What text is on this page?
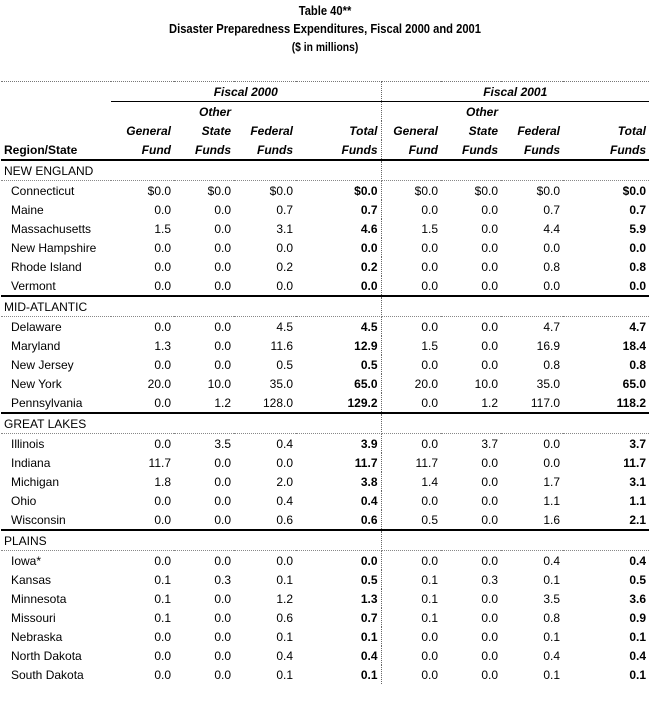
Table 40**
Disaster Preparedness Expenditures, Fiscal 2000 and 2001
($ in millions)
	Fiscal 2000				Fiscal 2001			
		Other				Other		
	General	State	Federal	Total	General	State	Federal	Total
Region/State	Fund	Funds	Funds	Funds	Fund	Funds	Funds	Funds
NEW ENGLAND								
Connecticut	$0.0	$0.0	$0.0	$0.0	$0.0	$0.0	$0.0	$0.0
Maine	0.0	0.0	0.7	0.7	0.0	0.0	0.7	0.7
Massachusetts	1.5	0.0	3.1	4.6	1.5	0.0	4.4	5.9
New Hampshire	0.0	0.0	0.0	0.0	0.0	0.0	0.0	0.0
Rhode Island	0.0	0.0	0.2	0.2	0.0	0.0	0.8	0.8
Vermont	0.0	0.0	0.0	0.0	0.0	0.0	0.0	0.0
MID-ATLANTIC								
Delaware	0.0	0.0	4.5	4.5	0.0	0.0	4.7	4.7
Maryland	1.3	0.0	11.6	12.9	1.5	0.0	16.9	18.4
New Jersey	0.0	0.0	0.5	0.5	0.0	0.0	0.8	0.8
New York	20.0	10.0	35.0	65.0	20.0	10.0	35.0	65.0
Pennsylvania	0.0	1.2	128.0	129.2	0.0	1.2	117.0	118.2
GREAT LAKES								
Illinois	0.0	3.5	0.4	3.9	0.0	3.7	0.0	3.7
Indiana	11.7	0.0	0.0	11.7	11.7	0.0	0.0	11.7
Michigan	1.8	0.0	2.0	3.8	1.4	0.0	1.7	3.1
Ohio	0.0	0.0	0.4	0.4	0.0	0.0	1.1	1.1
Wisconsin	0.0	0.0	0.6	0.6	0.5	0.0	1.6	2.1
PLAINS								
Iowa*	0.0	0.0	0.0	0.0	0.0	0.0	0.4	0.4
Kansas	0.1	0.3	0.1	0.5	0.1	0.3	0.1	0.5
Minnesota	0.1	0.0	1.2	1.3	0.1	0.0	3.5	3.6
Missouri	0.1	0.0	0.6	0.7	0.1	0.0	0.8	0.9
Nebraska	0.0	0.0	0.1	0.1	0.0	0.0	0.1	0.1
North Dakota	0.0	0.0	0.4	0.4	0.0	0.0	0.4	0.4
South Dakota	0.0	0.0	0.1	0.1	0.0	0.0	0.1	0.1
